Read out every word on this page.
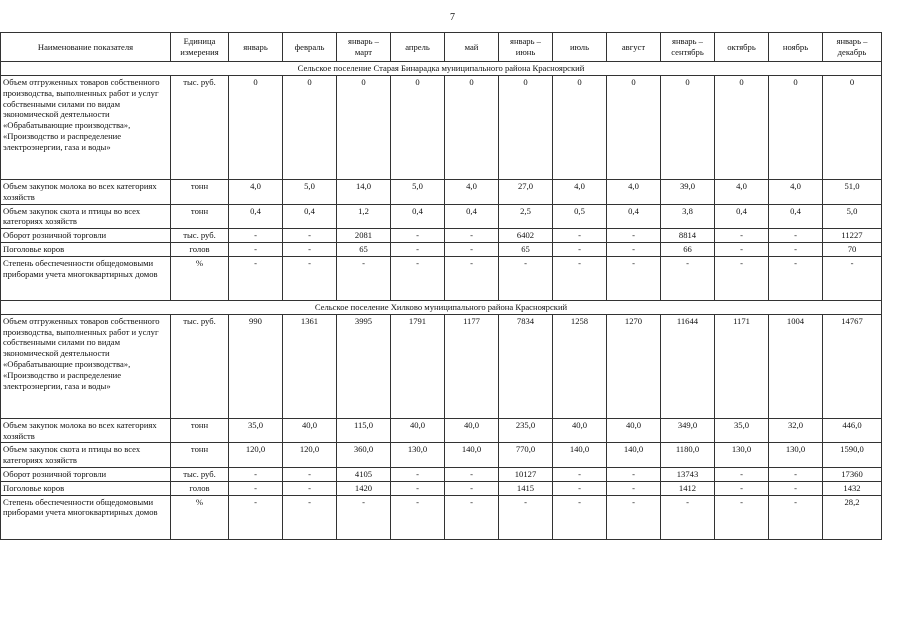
7
Наименование показателя	Единица измерения	январь	февраль	январь – март	апрель	май	январь – июнь	июль	август	январь – сентябрь	октябрь	ноябрь	январь – декабрь
Сельское поселение Старая Бинарадка муниципального района Красноярский													
Объем отгруженных товаров собственного производства, выполненных работ и услуг собственными силами по видам экономической деятельности «Обрабатывающие производства», «Производство и распределение электроэнергии, газа и воды»	тыс. руб.	0	0	0	0	0	0	0	0	0	0	0	0
Объем закупок молока во всех категориях хозяйств	тонн	4,0	5,0	14,0	5,0	4,0	27,0	4,0	4,0	39,0	4,0	4,0	51,0
Объем закупок скота и птицы во всех категориях хозяйств	тонн	0,4	0,4	1,2	0,4	0,4	2,5	0,5	0,4	3,8	0,4	0,4	5,0
Оборот розничной торговли	тыс. руб.	-	-	2081	-	-	6402	-	-	8814	-	-	11227
Поголовье коров	голов	-	-	65	-	-	65	-	-	66	-	-	70
Степень обеспеченности общедомовыми приборами учета многоквартирных домов	%	-	-	-	-	-	-	-	-	-	-	-	-
Сельское поселение Хилково муниципального района Красноярский													
Объем отгруженных товаров собственного производства, выполненных работ и услуг собственными силами по видам экономической деятельности «Обрабатывающие производства», «Производство и распределение электроэнергии, газа и воды»	тыс. руб.	990	1361	3995	1791	1177	7834	1258	1270	11644	1171	1004	14767
Объем закупок молока во всех категориях хозяйств	тонн	35,0	40,0	115,0	40,0	40,0	235,0	40,0	40,0	349,0	35,0	32,0	446,0
Объем закупок скота и птицы во всех категориях хозяйств	тонн	120,0	120,0	360,0	130,0	140,0	770,0	140,0	140,0	1180,0	130,0	130,0	1590,0
Оборот розничной торговли	тыс. руб.	-	-	4105	-	-	10127	-	-	13743	-	-	17360
Поголовье коров	голов	-	-	1420	-	-	1415	-	-	1412	-	-	1432
Степень обеспеченности общедомовыми приборами учета многоквартирных домов	%	-	-	-	-	-	-	-	-	-	-	-	28,2
